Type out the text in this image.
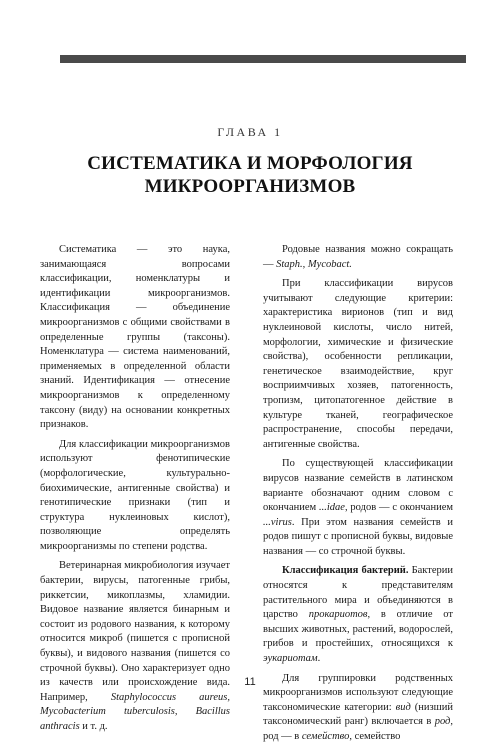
ГЛАВА 1
СИСТЕМАТИКА И МОРФОЛОГИЯ
МИКРООРГАНИЗМОВ

Систематика — это наука, занимающаяся вопросами классификации, номенклатуры и идентификации микроорганизмов. Классификация — объединение микроорганизмов с общими свойствами в определенные группы (таксоны). Номенклатура — система наименований, применяемых в определенной области знаний. Идентификация — отнесение микроорганизмов к определенному таксону (виду) на основании конкретных признаков.

Для классификации микроорганизмов используют фенотипические (морфологические, культурально-биохимические, антигенные свойства) и генотипические признаки (тип и структура нуклеиновых кислот), позволяющие определять микроорганизмы по степени родства.

Ветеринарная микробиология изучает бактерии, вирусы, патогенные грибы, риккетсии, микоплазмы, хламидии. Видовое название является бинарным и состоит из родового названия, к которому относится микроб (пишется с прописной буквы), и видового названия (пишется со строчной буквы). Оно характеризует одно из качеств или происхождение вида. Например, Staphylococcus aureus, Mycobacterium tuberculosis, Bacillus anthracis и т. д.

Родовые названия можно сокращать — Staph., Mycobact.

При классификации вирусов учитывают следующие критерии: характеристика вирионов (тип и вид нуклеиновой кислоты, число нитей, морфологии, химические и физические свойства), особенности репликации, генетическое взаимодействие, круг восприимчивых хозяев, патогенность, тропизм, цитопатогенное действие в культуре тканей, географическое распространение, способы передачи, антигенные свойства.

По существующей классификации вирусов название семейств в латинском варианте обозначают одним словом с окончанием ...idae, родов — с окончанием ...virus. При этом названия семейств и родов пишут с прописной буквы, видовые названия — со строчной буквы.

Классификация бактерий. Бактерии относятся к представителям растительного мира и объединяются в царство прокариотов, в отличие от высших животных, растений, водорослей, грибов и простейших, относящихся к эукариотам.

Для группировки родственных микроорганизмов используют следующие таксономические категории: вид (низший таксономический ранг) включается в род, род — в семейство, семейство

11
